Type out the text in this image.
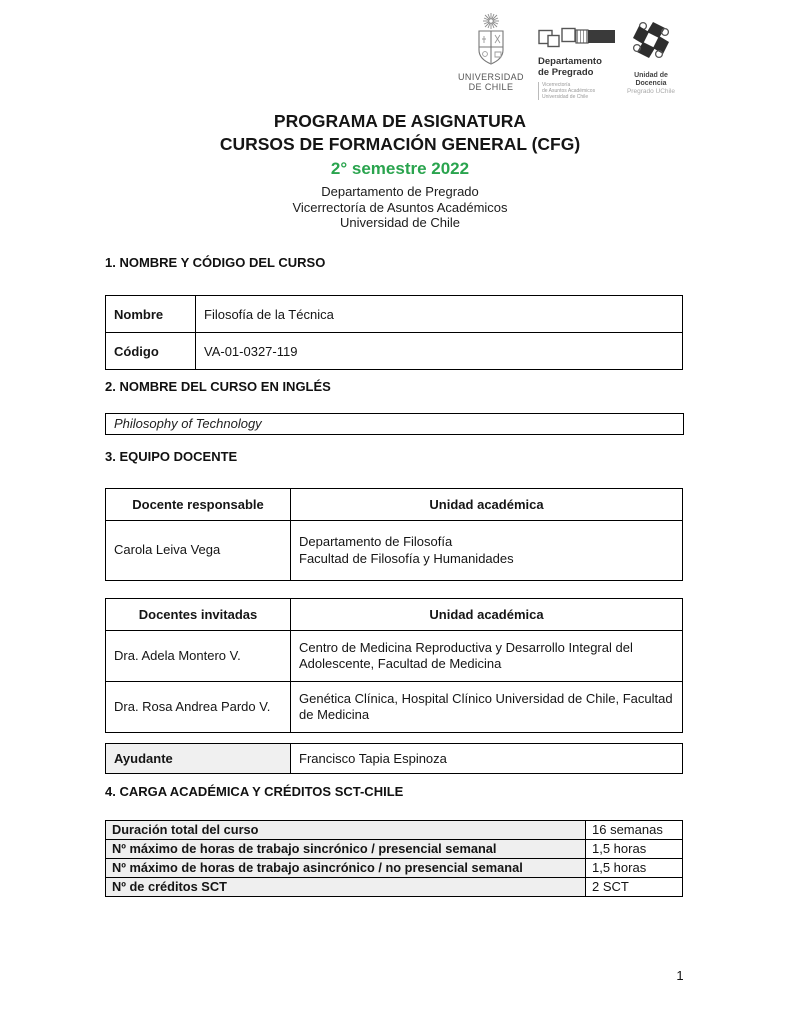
UNIVERSIDAD
DE CHILE
Departamento
de Pregrado
Vicerrectoría
de Asuntos Académicos
Universidad de Chile
Unidad de Docencia
Pregrado UChile
PROGRAMA DE ASIGNATURA
CURSOS DE FORMACIÓN GENERAL (CFG)
2° semestre 2022
Departamento de Pregrado
Vicerrectoría de Asuntos Académicos
Universidad de Chile
1. NOMBRE Y CÓDIGO DEL CURSO
Nombre	Filosofía de la Técnica
Código	VA-01-0327-119
2. NOMBRE DEL CURSO EN INGLÉS
Philosophy of Technology
3. EQUIPO DOCENTE
Docente responsable	Unidad académica
Carola Leiva Vega	Departamento de Filosofía
Facultad de Filosofía y Humanidades
Docentes invitadas	Unidad académica
Dra. Adela Montero V.	Centro de Medicina Reproductiva y Desarrollo Integral del Adolescente, Facultad de Medicina
Dra. Rosa Andrea Pardo V.	Genética Clínica, Hospital Clínico Universidad de Chile, Facultad de Medicina
Ayudante	Francisco Tapia Espinoza
4. CARGA ACADÉMICA Y CRÉDITOS SCT-CHILE
Duración total del curso	16 semanas
Nº máximo de horas de trabajo sincrónico / presencial semanal	1,5 horas
Nº máximo de horas de trabajo asincrónico / no presencial semanal	1,5 horas
Nº de créditos SCT	2 SCT
1
